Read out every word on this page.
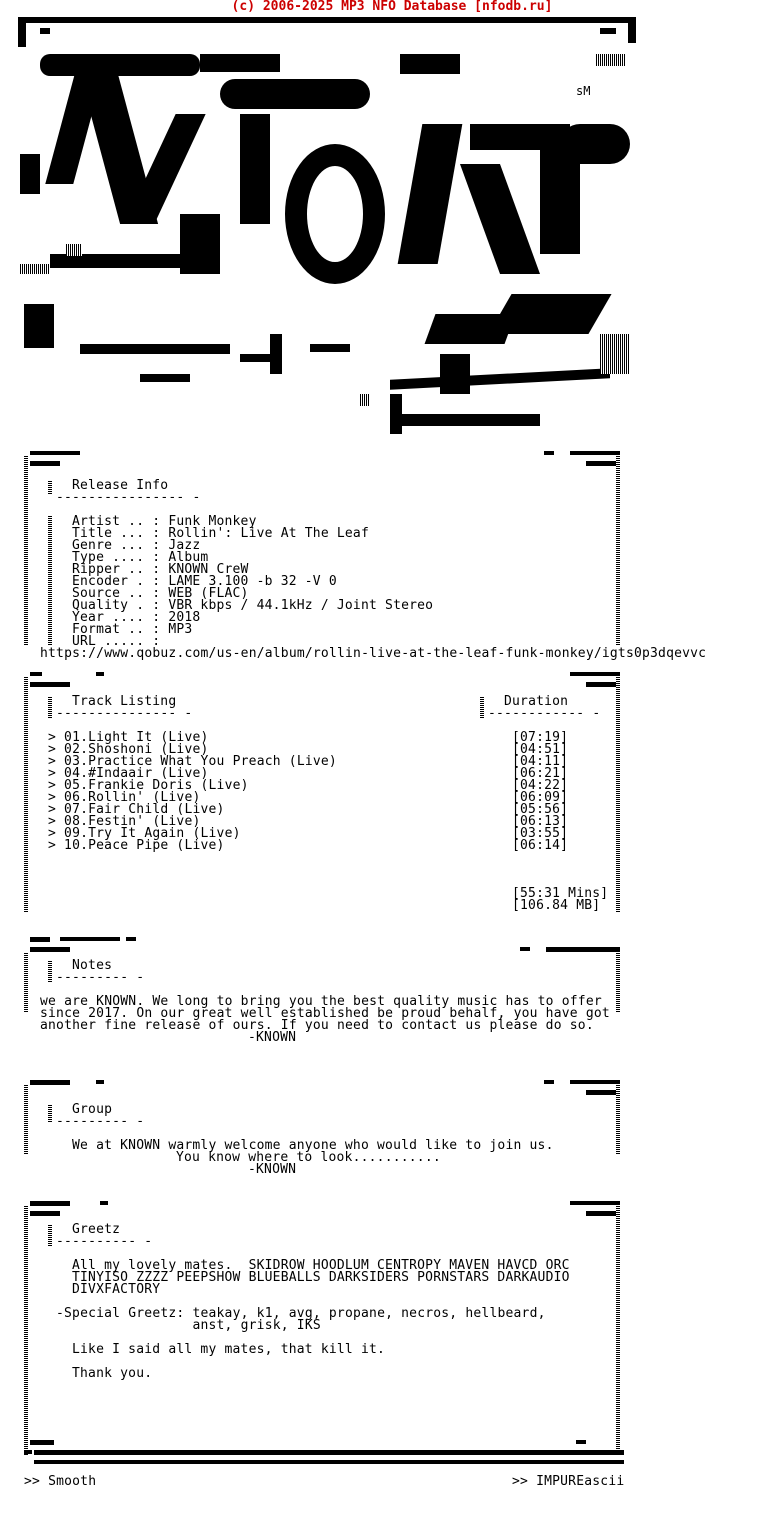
(c) 2006-2025 MP3 NFO Database [nfodb.ru]
sM
Release Info
---------------- -
Artist .. : Funk Monkey
Title ... : Rollin': Live At The Leaf
Genre ... : Jazz
Type .... : Album
Ripper .. : KNOWN CreW
Encoder . : LAME 3.100 -b 32 -V 0
Source .. : WEB (FLAC)
Quality . : VBR kbps / 44.1kHz / Joint Stereo
Year .... : 2018
Format .. : MP3
URL ..... :
https://www.qobuz.com/us-en/album/rollin-live-at-the-leaf-funk-monkey/igts0p3dqevvc
Track Listing
--------------- -
Duration
------------ -
> 01.Light It (Live)	[07:19]
> 02.Shoshoni (Live)	[04:51]
> 03.Practice What You Preach (Live)	[04:11]
> 04.#Indaair (Live)	[06:21]
> 05.Frankie Doris (Live)	[04:22]
> 06.Rollin' (Live)	[06:09]
> 07.Fair Child (Live)	[05:56]
> 08.Festin' (Live)	[06:13]
> 09.Try It Again (Live)	[03:55]
> 10.Peace Pipe (Live)	[06:14]
[55:31 Mins]
[106.84 MB]
Notes
--------- -
we are KNOWN. We long to bring you the best quality music has to offer
since 2017. On our great well established be proud behalf, you have got
another fine release of ours. If you need to contact us please do so.
-KNOWN
Group
--------- -
We at KNOWN warmly welcome anyone who would like to join us.
You know where to look...........
-KNOWN
Greetz
---------- -
All my lovely mates.  SKIDROW HOODLUM CENTROPY MAVEN HAVCD ORC
TINYISO ZZZZ PEEPSHOW BLUEBALLS DARKSIDERS PORNSTARS DARKAUDIO
DIVXFACTORY
-Special Greetz: teakay, k1, avg, propane, necros, hellbeard,
anst, grisk, IKS
Like I said all my mates, that kill it.
Thank you.
>> Smooth	>> IMPUREascii
